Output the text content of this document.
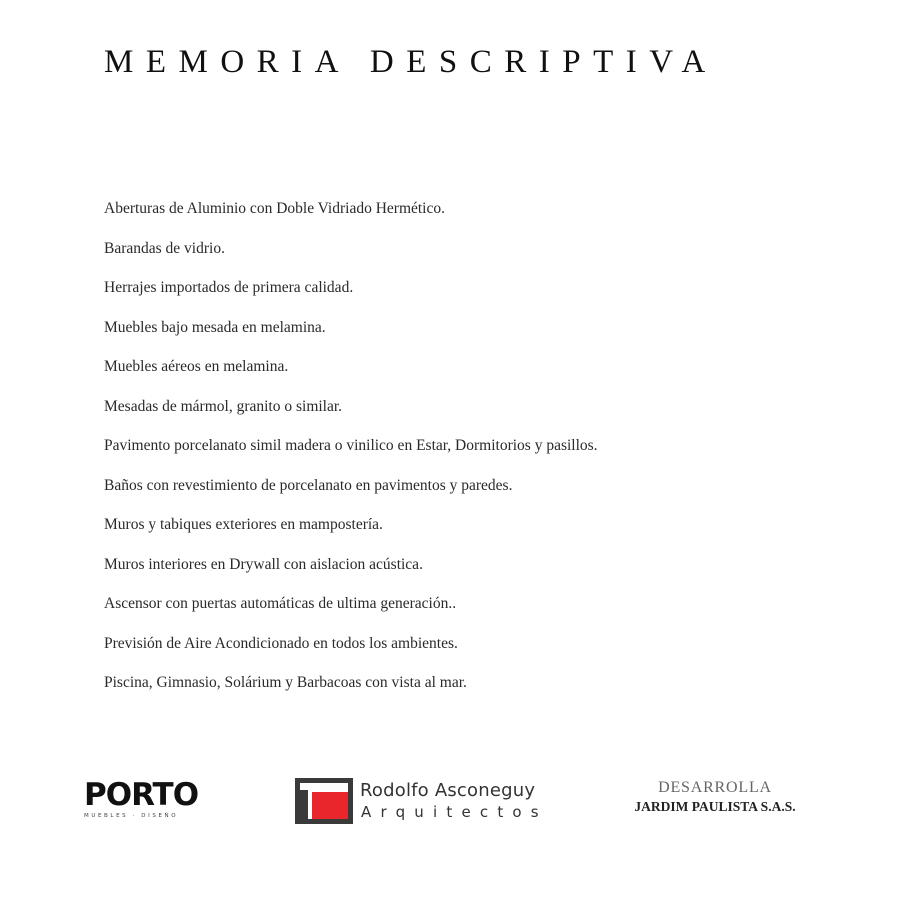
MEMORIA DESCRIPTIVA
Aberturas de Aluminio con Doble Vidriado Hermético.
Barandas de vidrio.
Herrajes importados de primera calidad.
Muebles bajo mesada en melamina.
Muebles aéreos en melamina.
Mesadas de mármol, granito o similar.
Pavimento porcelanato simil madera o vinilico en Estar, Dormitorios y pasillos.
Baños con revestimiento de porcelanato en pavimentos y paredes.
Muros y tabiques exteriores en mampostería.
Muros interiores en Drywall con aislacion acústica.
Ascensor con puertas automáticas de ultima generación..
Previsión de Aire Acondicionado en todos los ambientes.
Piscina, Gimnasio, Solárium y Barbacoas con vista al mar.
PORTO
MUEBLES · DISEÑO
Rodolfo Asconeguy
Arquitectos
DESARROLLA
JARDIM PAULISTA S.A.S.
